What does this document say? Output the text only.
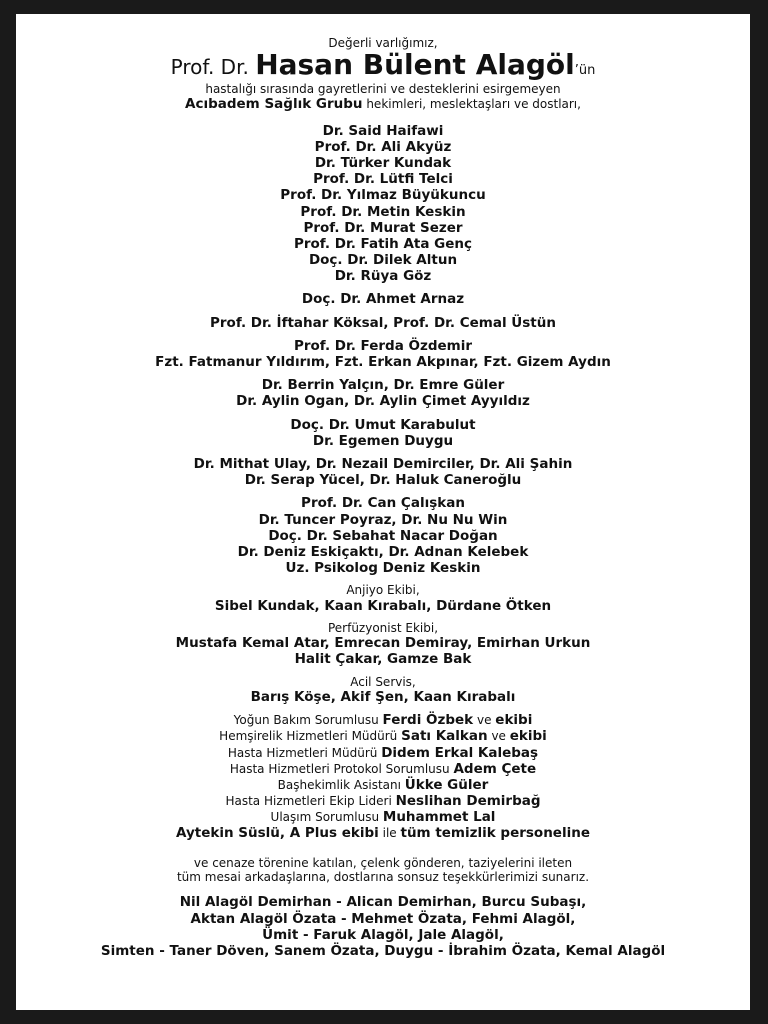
Değerli varlığımız,
Prof. Dr. Hasan Bülent Alagöl’ün
hastalığı sırasında gayretlerini ve desteklerini esirgemeyen
Acıbadem Sağlık Grubu hekimleri, meslektaşları ve dostları,
Dr. Said Haifawi
Prof. Dr. Ali Akyüz
Dr. Türker Kundak
Prof. Dr. Lütfi Telci
Prof. Dr. Yılmaz Büyükuncu
Prof. Dr. Metin Keskin
Prof. Dr. Murat Sezer
Prof. Dr. Fatih Ata Genç
Doç. Dr. Dilek Altun
Dr. Rüya Göz
Doç. Dr. Ahmet Arnaz
Prof. Dr. İftahar Köksal, Prof. Dr. Cemal Üstün
Prof. Dr. Ferda Özdemir
Fzt. Fatmanur Yıldırım, Fzt. Erkan Akpınar, Fzt. Gizem Aydın
Dr. Berrin Yalçın, Dr. Emre Güler
Dr. Aylin Ogan, Dr. Aylin Çimet Ayyıldız
Doç. Dr. Umut Karabulut
Dr. Egemen Duygu
Dr. Mithat Ulay, Dr. Nezail Demirciler, Dr. Ali Şahin
Dr. Serap Yücel, Dr. Haluk Caneroğlu
Prof. Dr. Can Çalışkan
Dr. Tuncer Poyraz, Dr. Nu Nu Win
Doç. Dr. Sebahat Nacar Doğan
Dr. Deniz Eskiçaktı, Dr. Adnan Kelebek
Uz. Psikolog Deniz Keskin
Anjiyo Ekibi,
Sibel Kundak, Kaan Kırabalı, Dürdane Ötken
Perfüzyonist Ekibi,
Mustafa Kemal Atar, Emrecan Demiray, Emirhan Urkun
Halit Çakar, Gamze Bak
Acil Servis,
Barış Köşe, Akif Şen, Kaan Kırabalı
Yoğun Bakım Sorumlusu Ferdi Özbek ve ekibi
Hemşirelik Hizmetleri Müdürü Satı Kalkan ve ekibi
Hasta Hizmetleri Müdürü Didem Erkal Kalebaş
Hasta Hizmetleri Protokol Sorumlusu Adem Çete
Başhekimlik Asistanı Ükke Güler
Hasta Hizmetleri Ekip Lideri Neslihan Demirbağ
Ulaşım Sorumlusu Muhammet Lal
Aytekin Süslü, A Plus ekibi ile tüm temizlik personeline
ve cenaze törenine katılan, çelenk gönderen, taziyelerini ileten
tüm mesai arkadaşlarına, dostlarına sonsuz teşekkürlerimizi sunarız.
Nil Alagöl Demirhan - Alican Demirhan, Burcu Subaşı,
Aktan Alagöl Özata - Mehmet Özata, Fehmi Alagöl,
Ümit - Faruk Alagöl, Jale Alagöl,
Simten - Taner Döven, Sanem Özata, Duygu - İbrahim Özata, Kemal Alagöl
